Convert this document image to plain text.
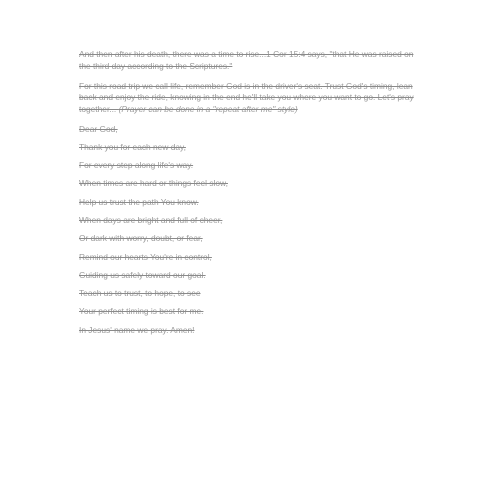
And then after his death, there was a time to rise...1 Cor 15:4 says, "that He was raised on the third day according to the Scriptures."

For this road trip we call life, remember God is in the driver's seat. Trust God's timing, lean back and enjoy the ride, knowing in the end he'll take you where you want to go. Let's pray together... (Prayer can be done in a "repeat after me" style)

Dear God,

Thank you for each new day,

For every step along life's way.

When times are hard or things feel slow,

Help us trust the path You know.

When days are bright and full of cheer,

Or dark with worry, doubt, or fear,

Remind our hearts You're in control,

Guiding us safely toward our goal.

Teach us to trust, to hope, to see

Your perfect timing is best for me.

In Jesus' name we pray. Amen!
